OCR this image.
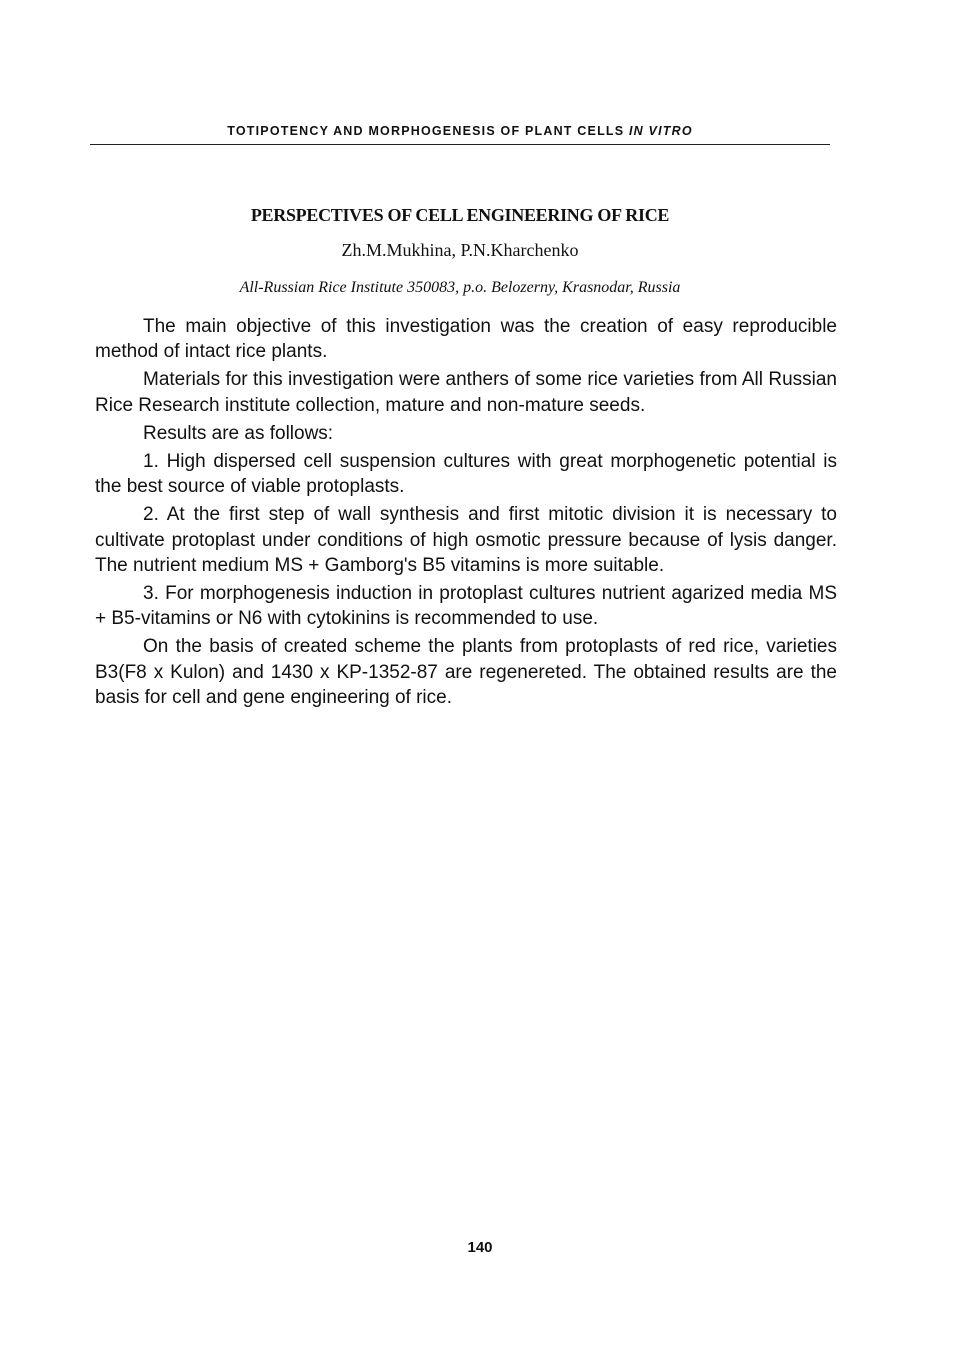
TOTIPOTENCY AND MORPHOGENESIS OF PLANT CELLS IN VITRO
PERSPECTIVES OF CELL ENGINEERING OF RICE
Zh.M.Mukhina, P.N.Kharchenko
All-Russian Rice Institute 350083, p.o. Belozerny, Krasnodar, Russia

The main objective of this investigation was the creation of easy reproducible method of intact rice plants.

Materials for this investigation were anthers of some rice varieties from All Russian Rice Research institute collection, mature and non-mature seeds.

Results are as follows:

1. High dispersed cell suspension cultures with great morphogenetic potential is the best source of viable protoplasts.

2. At the first step of wall synthesis and first mitotic division it is necessary to cultivate protoplast under conditions of high osmotic pressure because of lysis danger. The nutrient medium MS + Gamborg's B5 vitamins is more suitable.

3. For morphogenesis induction in protoplast cultures nutrient agarized media MS + B5-vitamins or N6 with cytokinins is recommended to use.

On the basis of created scheme the plants from protoplasts of red rice, varieties B3(F8 x Kulon) and 1430 x KP-1352-87 are regenereted. The obtained results are the basis for cell and gene engineering of rice.

140
